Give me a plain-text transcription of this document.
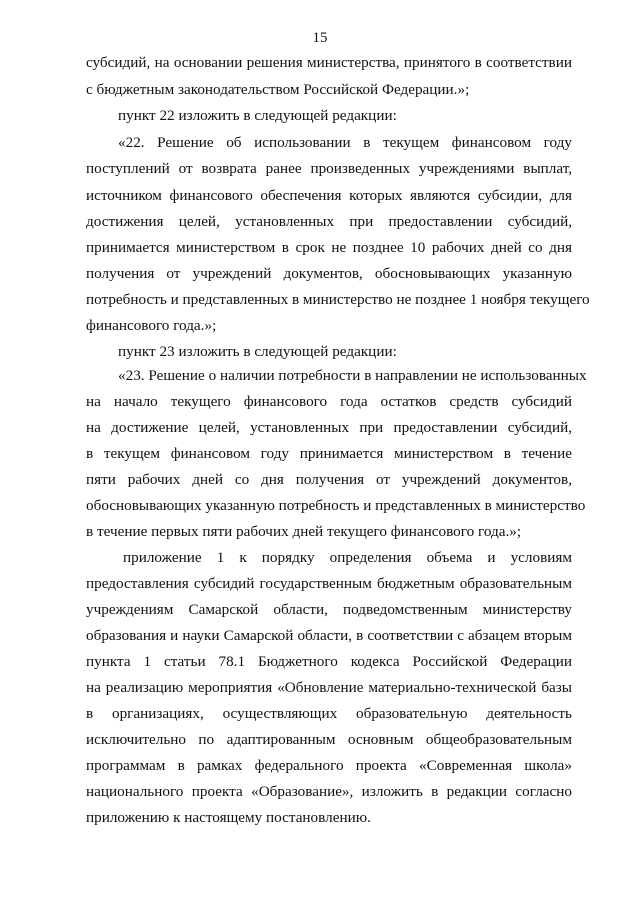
15
субсидий, на основании решения министерства, принятого в соответствии
с бюджетным законодательством Российской Федерации.»;
пункт 22 изложить в следующей редакции:
«22. Решение об использовании в текущем финансовом году
поступлений от возврата ранее произведенных учреждениями выплат,
источником финансового обеспечения которых являются субсидии, для
достижения целей, установленных при предоставлении субсидий,
принимается министерством в срок не позднее 10 рабочих дней со дня
получения от учреждений документов, обосновывающих указанную
потребность и представленных в министерство не позднее 1 ноября текущего
финансового года.»;
пункт 23 изложить в следующей редакции:
«23. Решение о наличии потребности в направлении не использованных
на начало текущего финансового года остатков средств субсидий
на достижение целей, установленных при предоставлении субсидий,
в текущем финансовом году принимается министерством в течение
пяти рабочих дней со дня получения от учреждений документов,
обосновывающих указанную потребность и представленных в министерство
в течение первых пяти рабочих дней текущего финансового года.»;
приложение 1 к порядку определения объема и условиям
предоставления субсидий государственным бюджетным образовательным
учреждениям Самарской области, подведомственным министерству
образования и науки Самарской области, в соответствии с абзацем вторым
пункта 1 статьи 78.1 Бюджетного кодекса Российской Федерации
на реализацию мероприятия «Обновление материально-технической базы
в организациях, осуществляющих образовательную деятельность
исключительно по адаптированным основным общеобразовательным
программам в рамках федерального проекта «Современная школа»
национального проекта «Образование», изложить в редакции согласно
приложению к настоящему постановлению.
